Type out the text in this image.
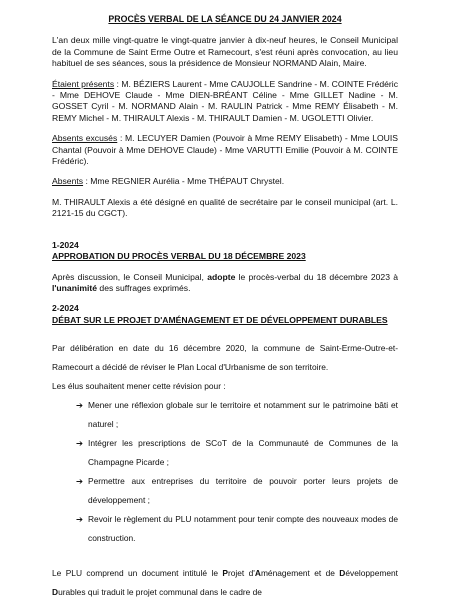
PROCÈS VERBAL DE LA SÉANCE DU 24 JANVIER 2024

L'an deux mille vingt-quatre le vingt-quatre janvier à dix-neuf heures, le Conseil Municipal de la Commune de Saint Erme Outre et Ramecourt, s'est réuni après convocation, au lieu habituel de ses séances, sous la présidence de Monsieur NORMAND Alain, Maire.

Étaient présents : M. BÉZIERS Laurent - Mme CAUJOLLE Sandrine - M. COINTE Frédéric - Mme DEHOVE Claude - Mme DIEN-BRÉANT Céline - Mme GILLET Nadine - M. GOSSET Cyril - M. NORMAND Alain - M. RAULIN Patrick - Mme REMY Élisabeth - M. REMY Michel - M. THIRAULT Alexis - M. THIRAULT Damien - M. UGOLETTI Olivier.

Absents excusés : M. LECUYER Damien (Pouvoir à Mme REMY Elisabeth) - Mme LOUIS Chantal (Pouvoir à Mme DEHOVE Claude) - Mme VARUTTI Emilie (Pouvoir à M. COINTE Frédéric).

Absents : Mme REGNIER Aurélia - Mme THÉPAUT Chrystel.

M. THIRAULT Alexis a été désigné en qualité de secrétaire par le conseil municipal (art. L. 2121-15 du CGCT).

1-2024
APPROBATION DU PROCÈS VERBAL DU 18 DÉCEMBRE 2023

Après discussion, le Conseil Municipal, adopte le procès-verbal du 18 décembre 2023 à l'unanimité des suffrages exprimés.

2-2024
DÉBAT SUR LE PROJET D'AMÉNAGEMENT ET DE DÉVELOPPEMENT DURABLES

Par délibération en date du 16 décembre 2020, la commune de Saint-Erme-Outre-et-Ramecourt a décidé de réviser le Plan Local d'Urbanisme de son territoire.

Les élus souhaitent mener cette révision pour :

➔ Mener une réflexion globale sur le territoire et notamment sur le patrimoine bâti et naturel ;
➔ Intégrer les prescriptions de SCoT de la Communauté de Communes de la Champagne Picarde ;
➔ Permettre aux entreprises du territoire de pouvoir porter leurs projets de développement ;
➔ Revoir le règlement du PLU notamment pour tenir compte des nouveaux modes de construction.

Le PLU comprend un document intitulé le Projet d'Aménagement et de Développement Durables qui traduit le projet communal dans le cadre de
